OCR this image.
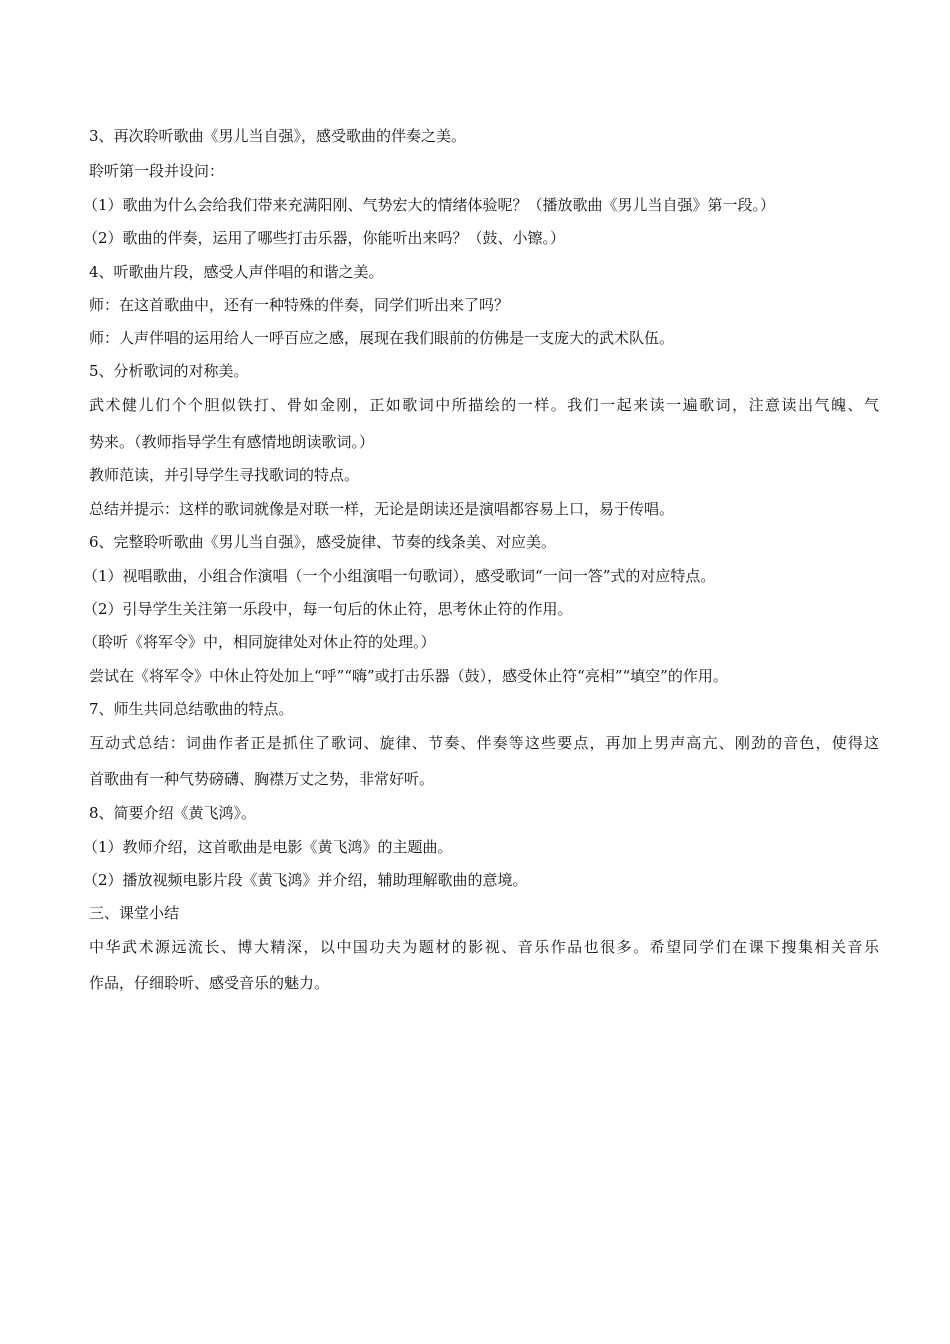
3、再次聆听歌曲《男儿当自强》，感受歌曲的伴奏之美。
聆听第一段并设问：
（1）歌曲为什么会给我们带来充满阳刚、气势宏大的情绪体验呢？（播放歌曲《男儿当自强》第一段。）
（2）歌曲的伴奏，运用了哪些打击乐器，你能听出来吗？（鼓、小镲。）
4、听歌曲片段，感受人声伴唱的和谐之美。
师：在这首歌曲中，还有一种特殊的伴奏，同学们听出来了吗？
师：人声伴唱的运用给人一呼百应之感，展现在我们眼前的仿佛是一支庞大的武术队伍。
5、分析歌词的对称美。
武术健儿们个个胆似铁打、骨如金刚，正如歌词中所描绘的一样。我们一起来读一遍歌词，注意读出气魄、气
势来。（教师指导学生有感情地朗读歌词。）
教师范读，并引导学生寻找歌词的特点。
总结并提示：这样的歌词就像是对联一样，无论是朗读还是演唱都容易上口，易于传唱。
6、完整聆听歌曲《男儿当自强》，感受旋律、节奏的线条美、对应美。
（1）视唱歌曲，小组合作演唱（一个小组演唱一句歌词），感受歌词“一问一答”式的对应特点。
（2）引导学生关注第一乐段中，每一句后的休止符，思考休止符的作用。
（聆听《将军令》中，相同旋律处对休止符的处理。）
尝试在《将军令》中休止符处加上“呼”“嗨”或打击乐器（鼓），感受休止符“亮相”“填空”的作用。
7、师生共同总结歌曲的特点。
互动式总结：词曲作者正是抓住了歌词、旋律、节奏、伴奏等这些要点，再加上男声高亢、刚劲的音色，使得这
首歌曲有一种气势磅礴、胸襟万丈之势，非常好听。
8、简要介绍《黄飞鸿》。
（1）教师介绍，这首歌曲是电影《黄飞鸿》的主题曲。
（2）播放视频电影片段《黄飞鸿》并介绍，辅助理解歌曲的意境。
三、课堂小结
中华武术源远流长、博大精深，以中国功夫为题材的影视、音乐作品也很多。希望同学们在课下搜集相关音乐
作品，仔细聆听、感受音乐的魅力。
